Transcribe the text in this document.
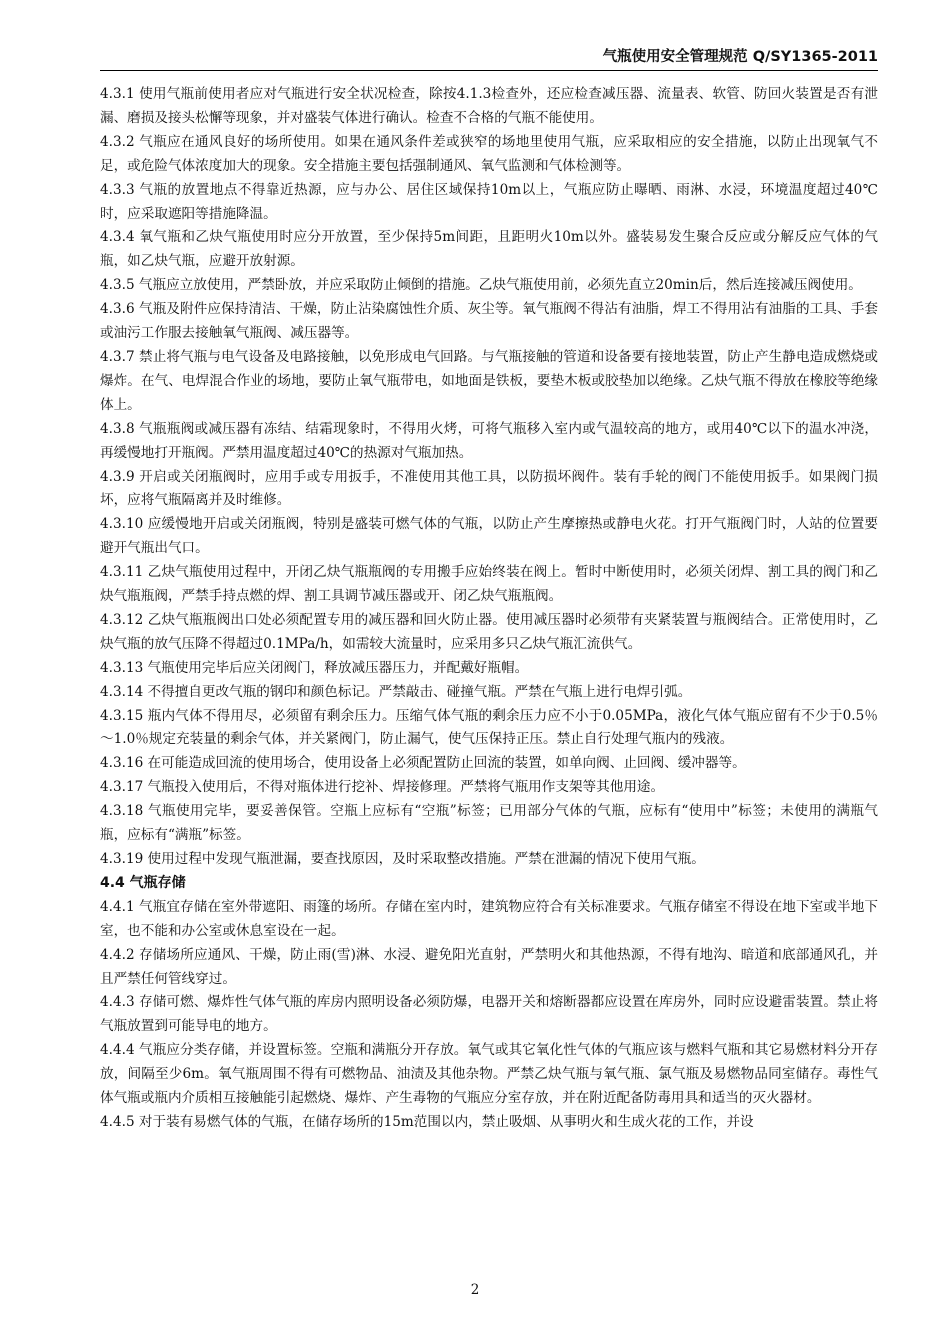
气瓶使用安全管理规范 Q/SY1365-2011

4.3.1 使用气瓶前使用者应对气瓶进行安全状况检查，除按4.1.3检查外，还应检查减压器、流量表、软管、防回火装置是否有泄漏、磨损及接头松懈等现象，并对盛装气体进行确认。检查不合格的气瓶不能使用。

4.3.2 气瓶应在通风良好的场所使用。如果在通风条件差或狭窄的场地里使用气瓶，应采取相应的安全措施，以防止出现氧气不足，或危险气体浓度加大的现象。安全措施主要包括强制通风、氧气监测和气体检测等。

4.3.3 气瓶的放置地点不得靠近热源，应与办公、居住区域保持10m以上，气瓶应防止曝晒、雨淋、水浸，环境温度超过40℃时，应采取遮阳等措施降温。

4.3.4 氧气瓶和乙炔气瓶使用时应分开放置，至少保持5m间距，且距明火10m以外。盛装易发生聚合反应或分解反应气体的气瓶，如乙炔气瓶，应避开放射源。

4.3.5 气瓶应立放使用，严禁卧放，并应采取防止倾倒的措施。乙炔气瓶使用前，必须先直立20min后，然后连接减压阀使用。

4.3.6 气瓶及附件应保持清洁、干燥，防止沾染腐蚀性介质、灰尘等。氧气瓶阀不得沾有油脂，焊工不得用沾有油脂的工具、手套或油污工作服去接触氧气瓶阀、减压器等。

4.3.7 禁止将气瓶与电气设备及电路接触，以免形成电气回路。与气瓶接触的管道和设备要有接地装置，防止产生静电造成燃烧或爆炸。在气、电焊混合作业的场地，要防止氧气瓶带电，如地面是铁板，要垫木板或胶垫加以绝缘。乙炔气瓶不得放在橡胶等绝缘体上。

4.3.8 气瓶瓶阀或减压器有冻结、结霜现象时，不得用火烤，可将气瓶移入室内或气温较高的地方，或用40℃以下的温水冲浇，再缓慢地打开瓶阀。严禁用温度超过40℃的热源对气瓶加热。

4.3.9 开启或关闭瓶阀时，应用手或专用扳手，不准使用其他工具，以防损坏阀件。装有手轮的阀门不能使用扳手。如果阀门损坏，应将气瓶隔离并及时维修。

4.3.10 应缓慢地开启或关闭瓶阀，特别是盛装可燃气体的气瓶，以防止产生摩擦热或静电火花。打开气瓶阀门时，人站的位置要避开气瓶出气口。

4.3.11 乙炔气瓶使用过程中，开闭乙炔气瓶瓶阀的专用搬手应始终装在阀上。暂时中断使用时，必须关闭焊、割工具的阀门和乙炔气瓶瓶阀，严禁手持点燃的焊、割工具调节减压器或开、闭乙炔气瓶瓶阀。

4.3.12 乙炔气瓶瓶阀出口处必须配置专用的减压器和回火防止器。使用减压器时必须带有夹紧装置与瓶阀结合。正常使用时，乙炔气瓶的放气压降不得超过0.1MPa/h，如需较大流量时，应采用多只乙炔气瓶汇流供气。

4.3.13 气瓶使用完毕后应关闭阀门，释放减压器压力，并配戴好瓶帽。

4.3.14 不得擅自更改气瓶的钢印和颜色标记。严禁敲击、碰撞气瓶。严禁在气瓶上进行电焊引弧。

4.3.15 瓶内气体不得用尽，必须留有剩余压力。压缩气体气瓶的剩余压力应不小于0.05MPa，液化气体气瓶应留有不少于0.5％～1.0％规定充装量的剩余气体，并关紧阀门，防止漏气，使气压保持正压。禁止自行处理气瓶内的残液。

4.3.16 在可能造成回流的使用场合，使用设备上必须配置防止回流的装置，如单向阀、止回阀、缓冲器等。

4.3.17 气瓶投入使用后，不得对瓶体进行挖补、焊接修理。严禁将气瓶用作支架等其他用途。

4.3.18 气瓶使用完毕，要妥善保管。空瓶上应标有“空瓶”标签；已用部分气体的气瓶，应标有“使用中”标签；未使用的满瓶气瓶，应标有“满瓶”标签。

4.3.19 使用过程中发现气瓶泄漏，要查找原因，及时采取整改措施。严禁在泄漏的情况下使用气瓶。

4.4 气瓶存储

4.4.1 气瓶宜存储在室外带遮阳、雨篷的场所。存储在室内时，建筑物应符合有关标准要求。气瓶存储室不得设在地下室或半地下室，也不能和办公室或休息室设在一起。

4.4.2 存储场所应通风、干燥，防止雨(雪)淋、水浸、避免阳光直射，严禁明火和其他热源，不得有地沟、暗道和底部通风孔，并且严禁任何管线穿过。

4.4.3 存储可燃、爆炸性气体气瓶的库房内照明设备必须防爆，电器开关和熔断器都应设置在库房外，同时应设避雷装置。禁止将气瓶放置到可能导电的地方。

4.4.4 气瓶应分类存储，并设置标签。空瓶和满瓶分开存放。氧气或其它氧化性气体的气瓶应该与燃料气瓶和其它易燃材料分开存放，间隔至少6m。氧气瓶周围不得有可燃物品、油渍及其他杂物。严禁乙炔气瓶与氧气瓶、氯气瓶及易燃物品同室储存。毒性气体气瓶或瓶内介质相互接触能引起燃烧、爆炸、产生毒物的气瓶应分室存放，并在附近配备防毒用具和适当的灭火器材。

4.4.5 对于装有易燃气体的气瓶，在储存场所的15m范围以内，禁止吸烟、从事明火和生成火花的工作，并设

2
